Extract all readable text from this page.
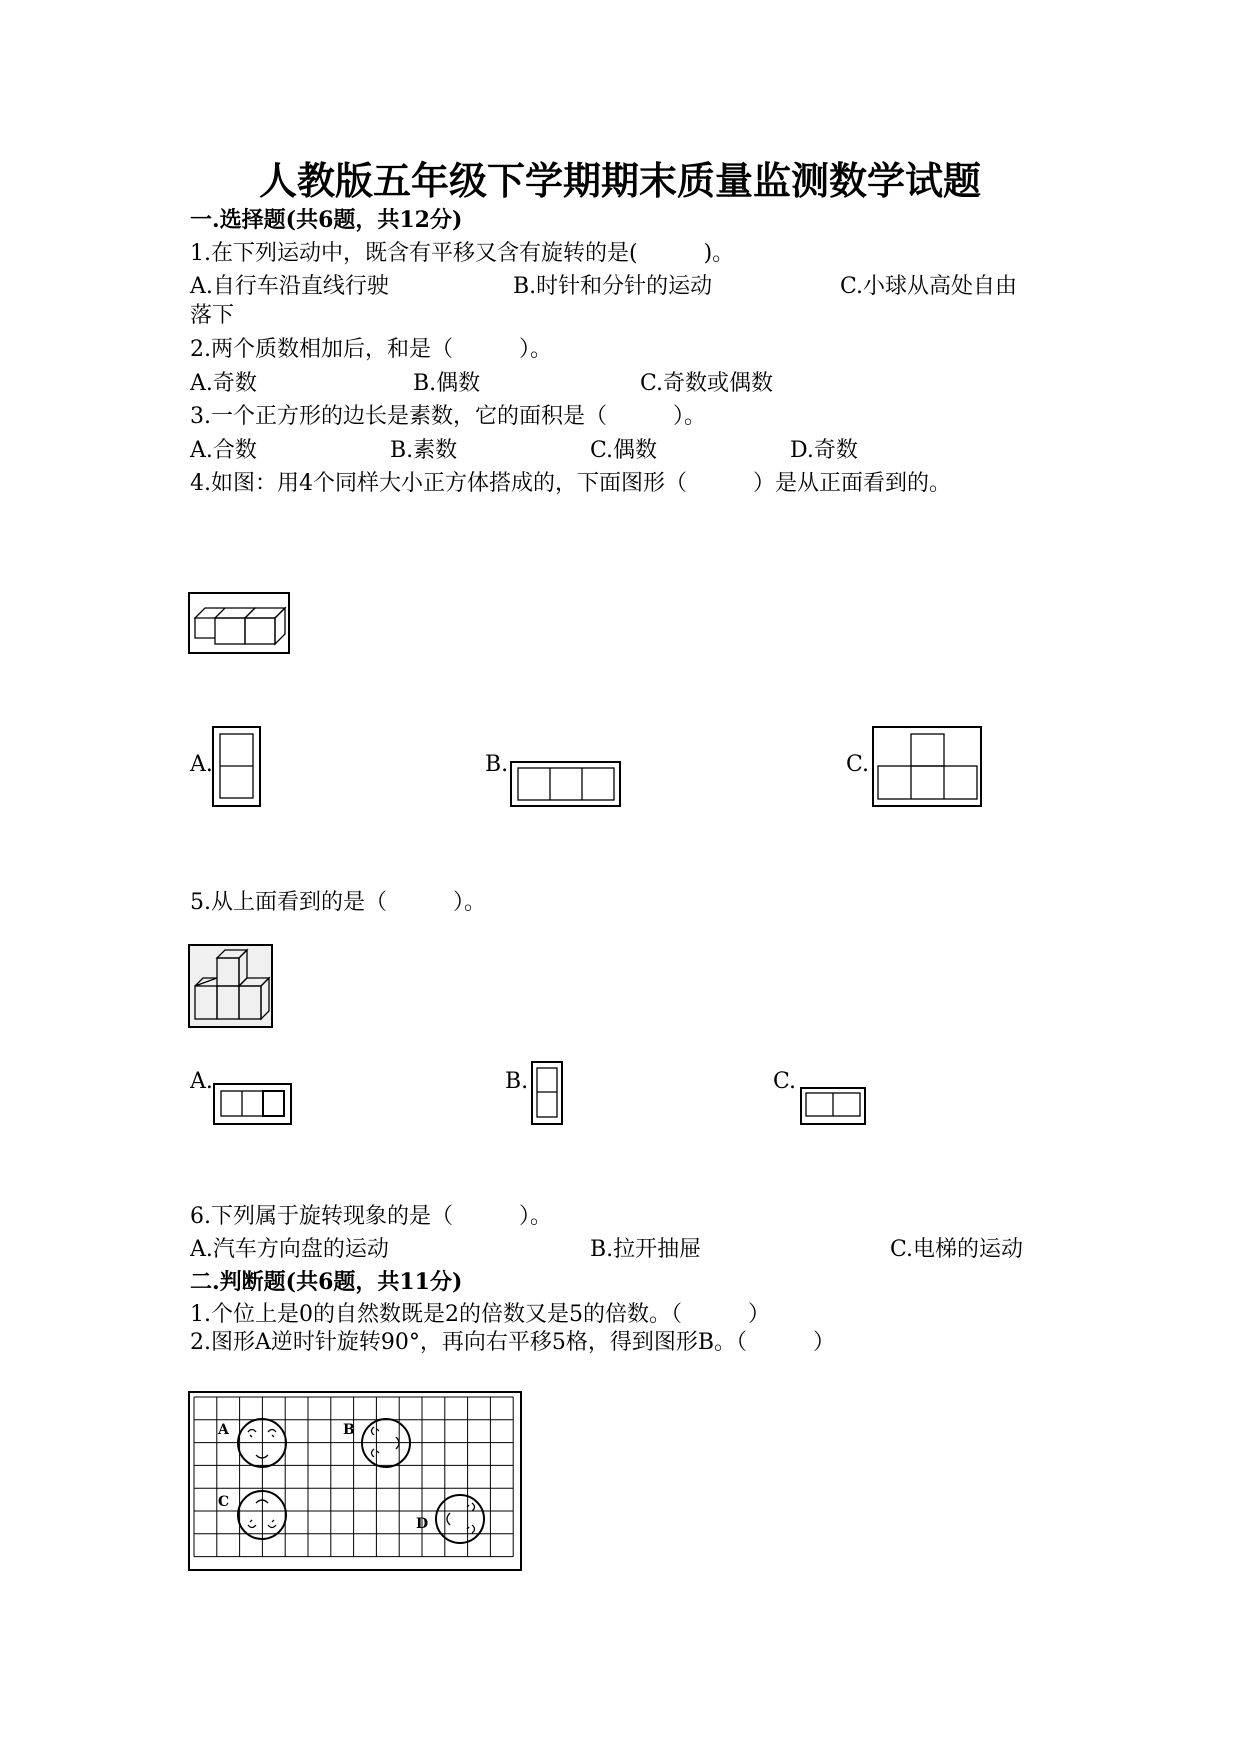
人教版五年级下学期期末质量监测数学试题
一.选择题(共6题，共12分)
1.在下列运动中，既含有平移又含有旋转的是(　　　)。
A.自行车沿直线行驶	B.时针和分针的运动	C.小球从高处自由
落下
2.两个质数相加后，和是（　　　）。
A.奇数	B.偶数	C.奇数或偶数
3.一个正方形的边长是素数，它的面积是（　　　）。
A.合数	B.素数	C.偶数	D.奇数
4.如图：用4个同样大小正方体搭成的，下面图形（　　　）是从正面看到的。
A.	B.	C.
5.从上面看到的是（　　　）。
A.	B.	C.
6.下列属于旋转现象的是（　　　）。
A.汽车方向盘的运动	B.拉开抽屉	C.电梯的运动
二.判断题(共6题，共11分)
1.个位上是0的自然数既是2的倍数又是5的倍数。（　　　）
2.图形A逆时针旋转90°，再向右平移5格，得到图形B。（　　　）
A	B
C
D
